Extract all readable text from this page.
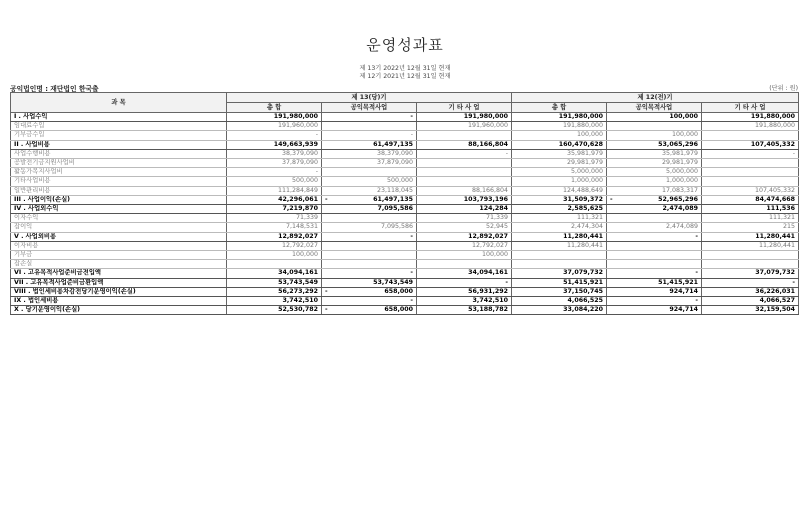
운영성과표
제 13기 2022년 12월 31일 현재
제 12기 2021년 12월 31일 현재
공익법인명 : 재단법인 한국출	(단위 : 원)
과 목	제 13(당)기			제 12(전)기		
	총 합	공익목적사업	기 타 사 업	총 합	공익목적사업	기 타 사 업
I . 사업수익	191,980,000	-	191,980,000	191,980,000	100,000	191,880,000
임대료수입	191,960,000		191,960,000	191,880,000		191,880,000
기부금수입	-	-		100,000	100,000	
II . 사업비용	149,663,939	61,497,135	88,166,804	160,470,628	53,065,296	107,405,332
사업수행비용	38,379,090	38,379,090	-	35,981,979	35,981,979	-
공발전기금지원사업비	37,879,090	37,879,090		29,981,979	29,981,979	
활동가복지사업비	-			5,000,000	5,000,000	
기타사업비용	500,000	500,000		1,000,000	1,000,000	
일반관리비용	111,284,849	23,118,045	88,166,804	124,488,649	17,083,317	107,405,332
III . 사업이익(손실)	42,296,061	- 61,497,135	103,793,196	31,509,372	- 52,965,296	84,474,668
IV . 사업외수익	7,219,870	7,095,586	124,284	2,585,625	2,474,089	111,536
이자수익	71,339		71,339	111,321		111,321
잡이익	7,148,531	7,095,586	52,945	2,474,304	2,474,089	215
V . 사업외비용	12,892,027	-	12,892,027	11,280,441	-	11,280,441
이자비용	12,792,027		12,792,027	11,280,441		11,280,441
기부금	100,000		100,000			
잡손실						
VI . 고유목적사업준비금전입액	34,094,161	-	34,094,161	37,079,732	-	37,079,732
VII . 고유목적사업준비금환입액	53,743,549	53,743,549	-	51,415,921	51,415,921	-
VIII . 법인세비용차감전당기운영이익(손실)	56,273,292	- 658,000	56,931,292	37,150,745	924,714	36,226,031
IX . 법인세비용	3,742,510	-	3,742,510	4,066,525	-	4,066,527
X . 당기운영이익(손실)	52,530,782	- 658,000	53,188,782	33,084,220	924,714	32,159,504
